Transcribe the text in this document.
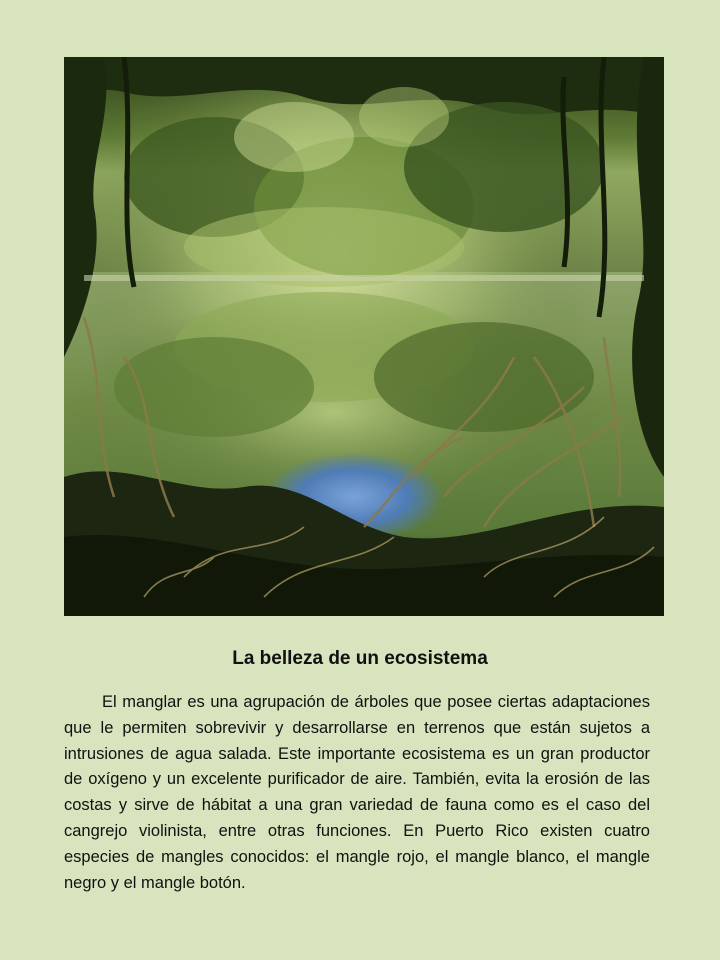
La belleza de un ecosistema

El manglar es una agrupación de árboles que posee ciertas adaptaciones que le permiten sobrevivir y desarrollarse en terrenos que están sujetos a intrusiones de agua salada. Este importante ecosistema es un gran productor de oxígeno y un excelente purificador de aire. También, evita la erosión de las costas y sirve de hábitat a una gran variedad de fauna como es el caso del cangrejo violinista, entre otras funciones. En Puerto Rico existen cuatro especies de mangles conocidos: el mangle rojo, el mangle blanco, el mangle negro y el mangle botón.
